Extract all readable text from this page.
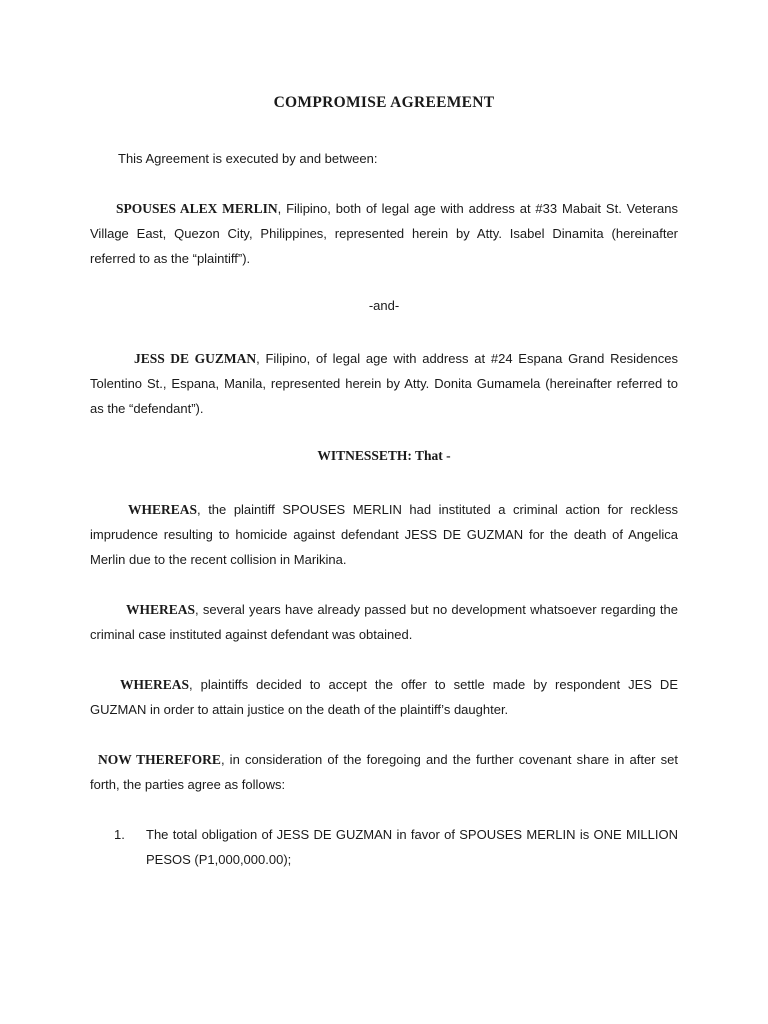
COMPROMISE AGREEMENT

This Agreement is executed by and between:

SPOUSES ALEX MERLIN, Filipino, both of legal age with address at #33 Mabait St. Veterans Village East, Quezon City, Philippines, represented herein by Atty. Isabel Dinamita (hereinafter referred to as the “plaintiff”).

-and-

JESS DE GUZMAN, Filipino, of legal age with address at #24 Espana Grand Residences Tolentino St., Espana, Manila, represented herein by Atty. Donita Gumamela (hereinafter referred to as the “defendant”).

WITNESSETH: That -

WHEREAS, the plaintiff SPOUSES MERLIN had instituted a criminal action for reckless imprudence resulting to homicide against defendant JESS DE GUZMAN for the death of Angelica Merlin due to the recent collision in Marikina.

WHEREAS, several years have already passed but no development whatsoever regarding the criminal case instituted against defendant was obtained.

WHEREAS, plaintiffs decided to accept the offer to settle made by respondent JES DE GUZMAN in order to attain justice on the death of the plaintiff’s daughter.

NOW THEREFORE, in consideration of the foregoing and the further covenant share in after set forth, the parties agree as follows:

1.	The total obligation of JESS DE GUZMAN in favor of SPOUSES MERLIN is ONE MILLION PESOS (P1,000,000.00);
